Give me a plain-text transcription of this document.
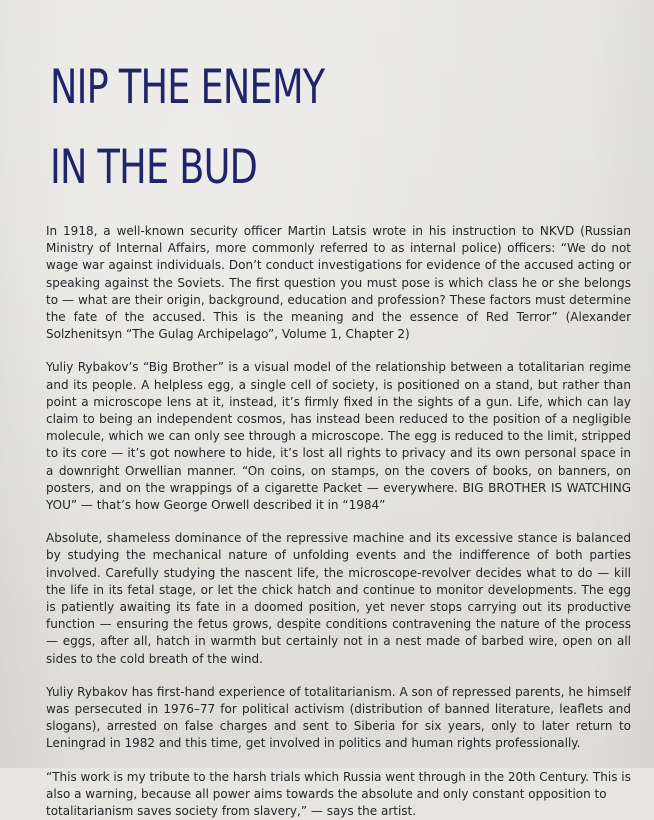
NIP THE ENEMY
IN THE BUD

In 1918, a well-known security officer Martin Latsis wrote in his instruction to NKVD (Russian Ministry of Internal Affairs, more commonly referred to as internal police) officers: “We do not wage war against individuals. Don’t conduct investigations for evidence of the accused acting or speaking against the Soviets. The first question you must pose is which class he or she belongs to — what are their origin, background, education and profession? These factors must determine the fate of the accused. This is the meaning and the essence of Red Terror” (Alexander Solzhenitsyn “The Gulag Archipelago”, Volume 1, Chapter 2)

Yuliy Rybakov’s “Big Brother” is a visual model of the relationship between a totalitarian regime and its people. A helpless egg, a single cell of society, is positioned on a stand, but rather than point a microscope lens at it, instead, it’s firmly fixed in the sights of a gun. Life, which can lay claim to being an independent cosmos, has instead been reduced to the position of a negligible molecule, which we can only see through a microscope. The egg is reduced to the limit, stripped to its core — it’s got nowhere to hide, it’s lost all rights to privacy and its own personal space in a downright Orwellian manner. “On coins, on stamps, on the covers of books, on banners, on posters, and on the wrappings of a cigarette Packet — everywhere. BIG BROTHER IS WATCHING YOU” — that’s how George Orwell described it in “1984”

Absolute, shameless dominance of the repressive machine and its excessive stance is balanced by studying the mechanical nature of unfolding events and the indifference of both parties involved. Carefully studying the nascent life, the microscope-revolver decides what to do — kill the life in its fetal stage, or let the chick hatch and continue to monitor developments. The egg is patiently awaiting its fate in a doomed position, yet never stops carrying out its productive function — ensuring the fetus grows, despite conditions contravening the nature of the process — eggs, after all, hatch in warmth but certainly not in a nest made of barbed wire, open on all sides to the cold breath of the wind.

Yuliy Rybakov has first-hand experience of totalitarianism. A son of repressed parents, he himself was persecuted in 1976–77 for political activism (distribution of banned literature, leaflets and slogans), arrested on false charges and sent to Siberia for six years, only to later return to Leningrad in 1982 and this time, get involved in politics and human rights professionally.

“This work is my tribute to the harsh trials which Russia went through in the 20th Century. This is also a warning, because all power aims towards the absolute and only constant opposition to totalitarianism saves society from slavery,” — says the artist.
